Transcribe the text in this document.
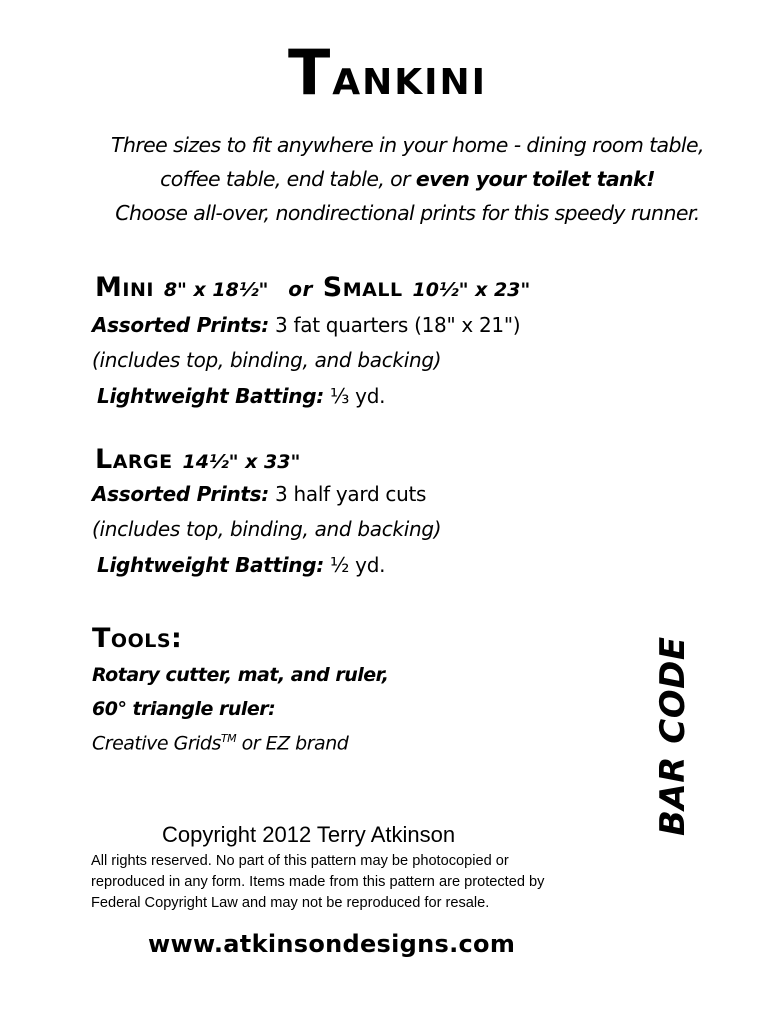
Tankini
Three sizes to fit anywhere in your home - dining room table,
coffee table, end table, or even your toilet tank!
Choose all-over, nondirectional prints for this speedy runner.
Mini 8" x 18½" or Small 10½" x 23"
Assorted Prints: 3 fat quarters (18" x 21")
(includes top, binding, and backing)
Lightweight Batting: ⅓ yd.
Large 14½" x 33"
Assorted Prints: 3 half yard cuts
(includes top, binding, and backing)
Lightweight Batting: ½ yd.
Tools:
Rotary cutter, mat, and ruler,
60° triangle ruler:
Creative Grids™ or EZ brand	BAR CODE
Copyright 2012 Terry Atkinson
All rights reserved. No part of this pattern may be photocopied or reproduced in any form. Items made from this pattern are protected by Federal Copyright Law and may not be reproduced for resale.
www.atkinsondesigns.com
